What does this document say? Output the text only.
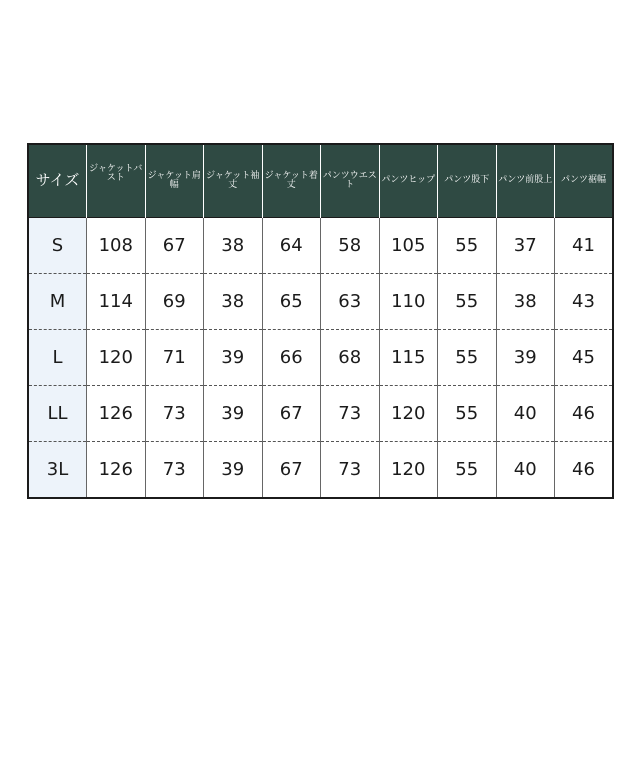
サイズ	ジャケットバスト	ジャケット肩幅	ジャケット袖丈	ジャケット着丈	パンツウエスト	パンツヒップ	パンツ股下	パンツ前股上	パンツ裾幅
S	108	67	38	64	58	105	55	37	41
M	114	69	38	65	63	110	55	38	43
L	120	71	39	66	68	115	55	39	45
LL	126	73	39	67	73	120	55	40	46
3L	126	73	39	67	73	120	55	40	46
